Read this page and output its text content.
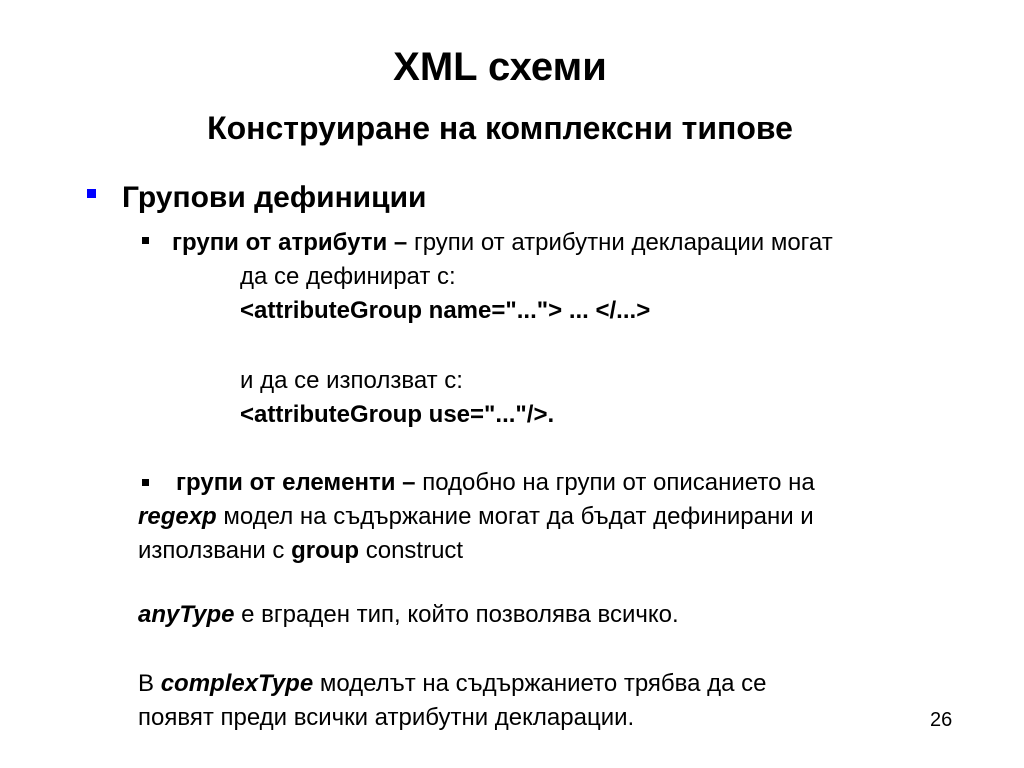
XML схеми
Конструиране на комплексни типове
Групови дефиниции
групи от атрибути – групи от атрибутни декларации могат
да се дефинират с:
<attributeGroup name="..."> ... </...>
и да се използват с:
<attributeGroup use="..."/>.
групи от елементи – подобно на групи от описанието на
regexp модел на съдържание могат да бъдат дефинирани и
използвани с group construct
anyType е вграден тип, който позволява всичко.
В complexType моделът на съдържанието трябва да се
появят преди всички атрибутни декларации.	26
